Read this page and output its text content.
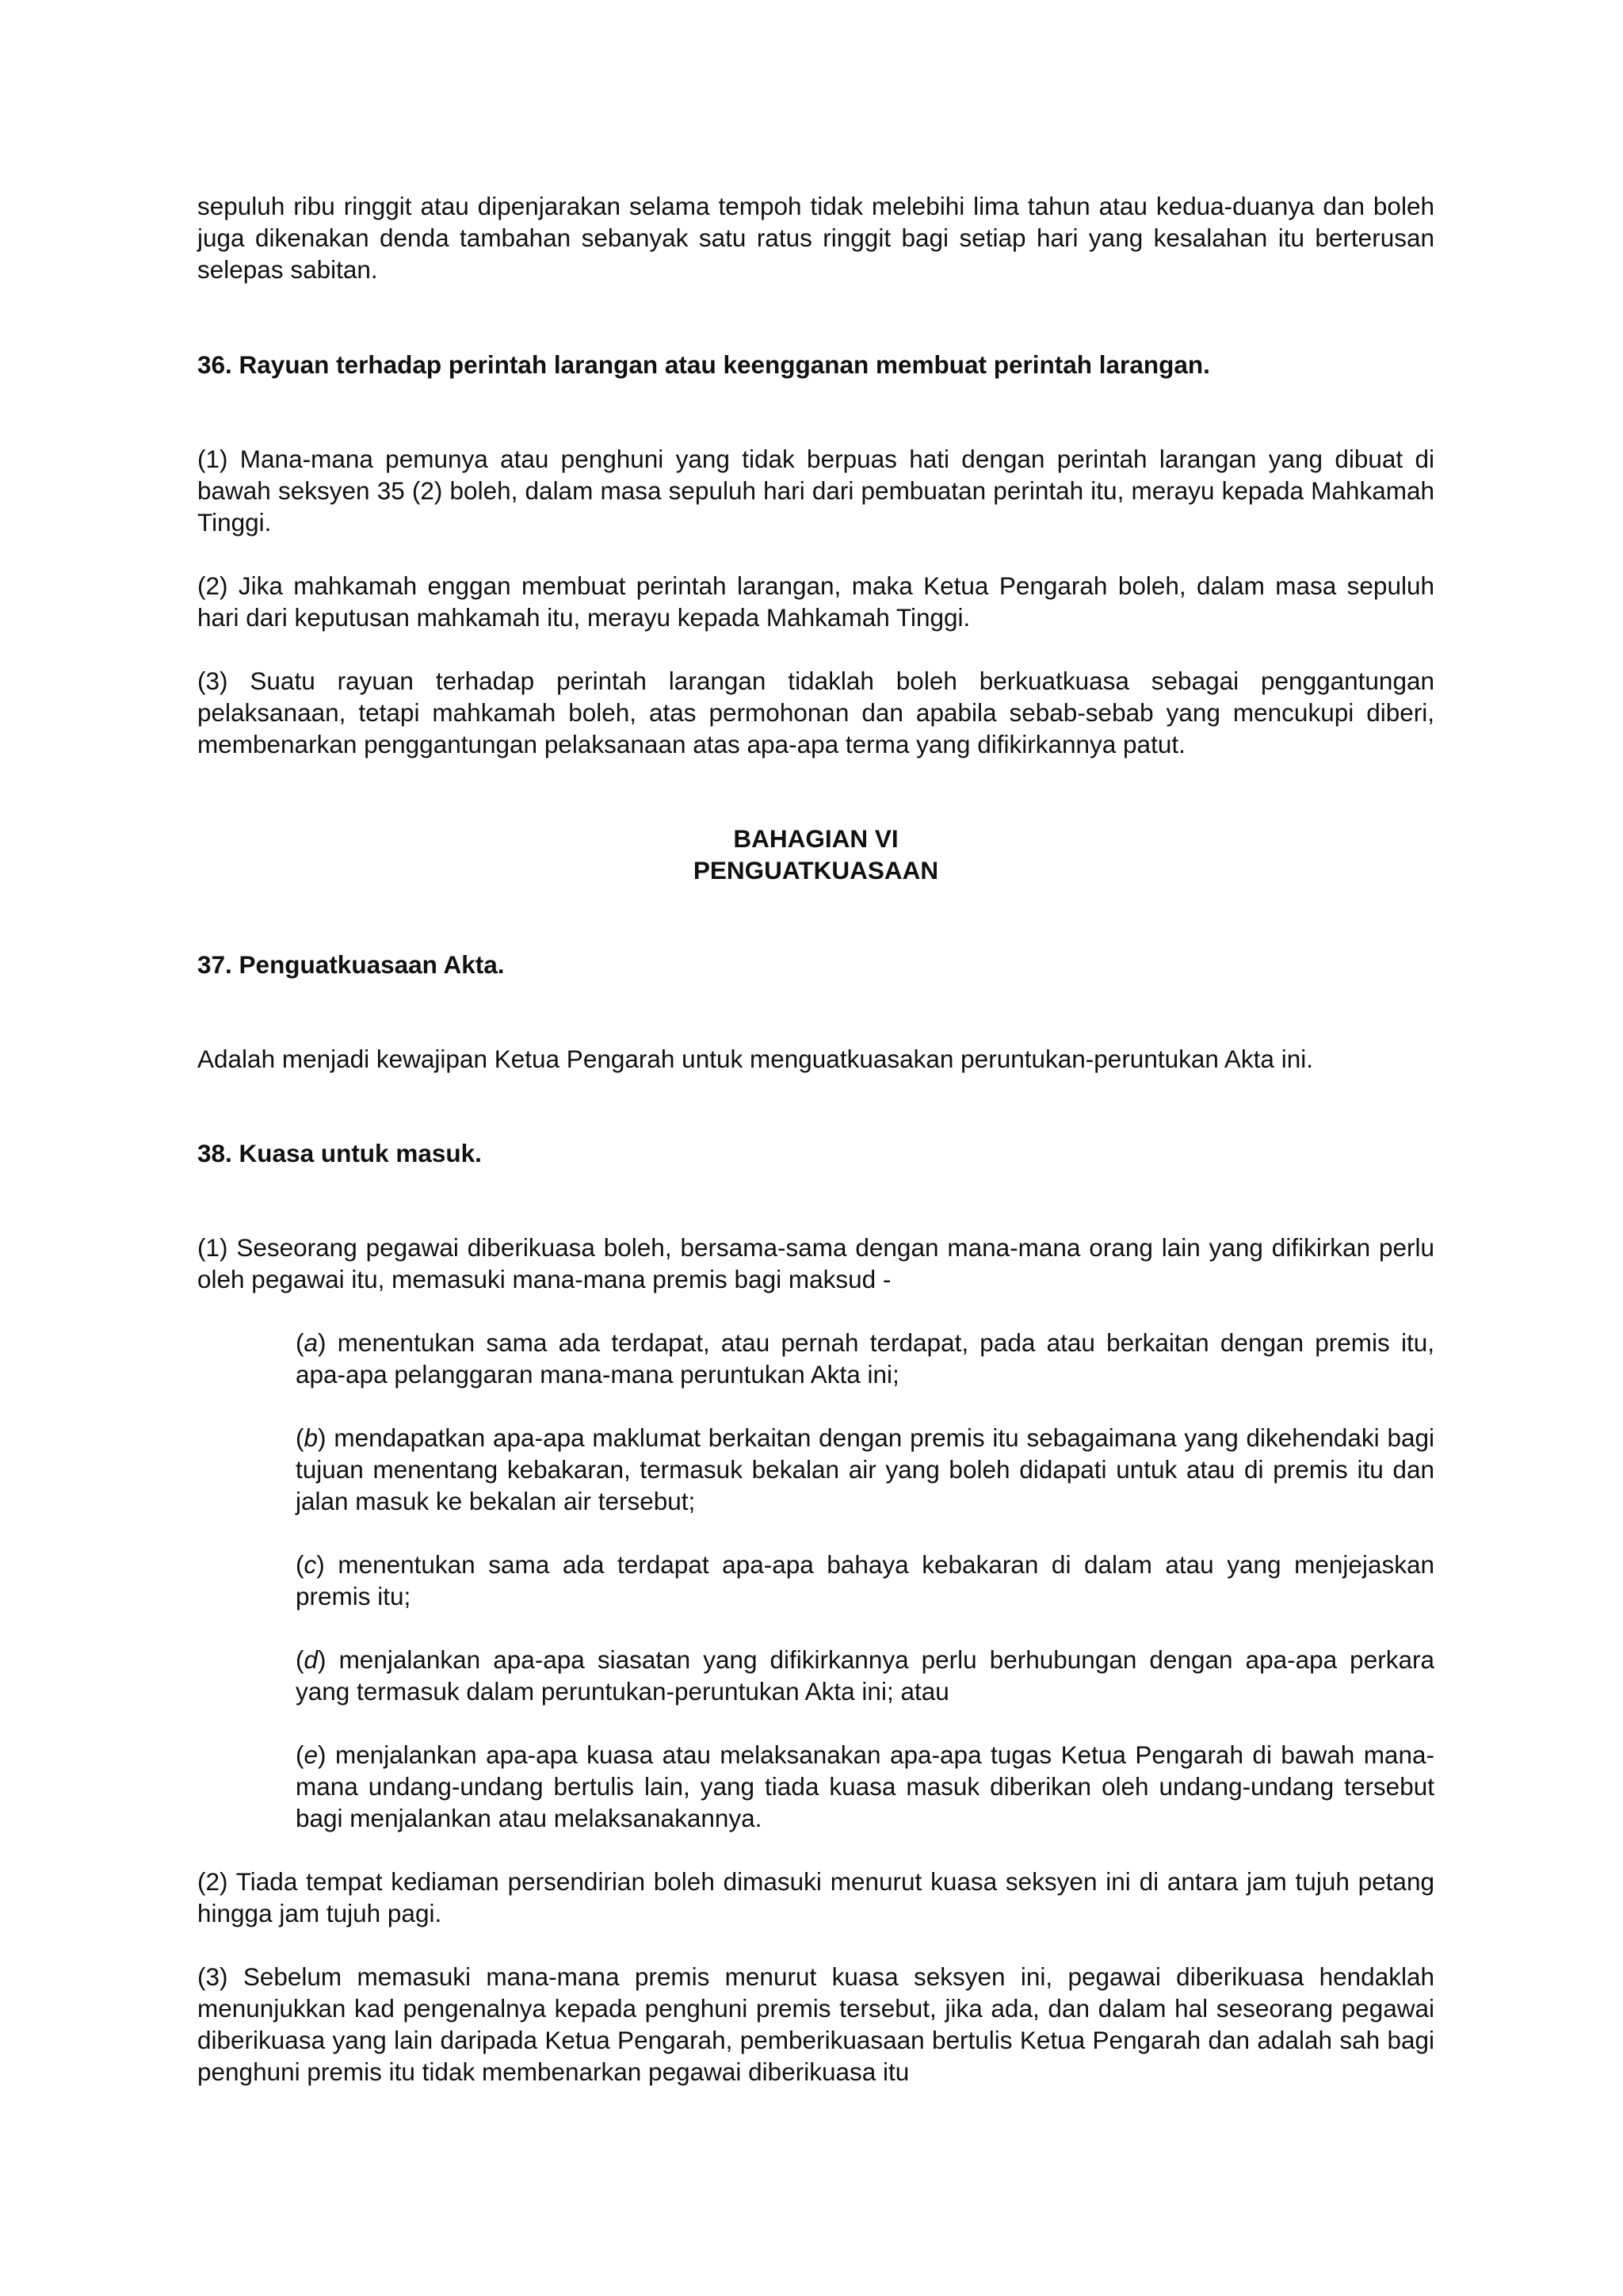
sepuluh ribu ringgit atau dipenjarakan selama tempoh tidak melebihi lima tahun atau kedua-duanya dan boleh juga dikenakan denda tambahan sebanyak satu ratus ringgit bagi setiap hari yang kesalahan itu berterusan selepas sabitan.

36. Rayuan terhadap perintah larangan atau keengganan membuat perintah larangan.

(1) Mana-mana pemunya atau penghuni yang tidak berpuas hati dengan perintah larangan yang dibuat di bawah seksyen 35 (2) boleh, dalam masa sepuluh hari dari pembuatan perintah itu, merayu kepada Mahkamah Tinggi.

(2) Jika mahkamah enggan membuat perintah larangan, maka Ketua Pengarah boleh, dalam masa sepuluh hari dari keputusan mahkamah itu, merayu kepada Mahkamah Tinggi.

(3) Suatu rayuan terhadap perintah larangan tidaklah boleh berkuatkuasa sebagai penggantungan pelaksanaan, tetapi mahkamah boleh, atas permohonan dan apabila sebab-sebab yang mencukupi diberi, membenarkan penggantungan pelaksanaan atas apa-apa terma yang difikirkannya patut.

BAHAGIAN VI
PENGUATKUASAAN
37. Penguatkuasaan Akta.

Adalah menjadi kewajipan Ketua Pengarah untuk menguatkuasakan peruntukan-peruntukan Akta ini.

38. Kuasa untuk masuk.

(1) Seseorang pegawai diberikuasa boleh, bersama-sama dengan mana-mana orang lain yang difikirkan perlu oleh pegawai itu, memasuki mana-mana premis bagi maksud -

(a) menentukan sama ada terdapat, atau pernah terdapat, pada atau berkaitan dengan premis itu, apa-apa pelanggaran mana-mana peruntukan Akta ini;

(b) mendapatkan apa-apa maklumat berkaitan dengan premis itu sebagaimana yang dikehendaki bagi tujuan menentang kebakaran, termasuk bekalan air yang boleh didapati untuk atau di premis itu dan jalan masuk ke bekalan air tersebut;

(c) menentukan sama ada terdapat apa-apa bahaya kebakaran di dalam atau yang menjejaskan premis itu;

(d) menjalankan apa-apa siasatan yang difikirkannya perlu berhubungan dengan apa-apa perkara yang termasuk dalam peruntukan-peruntukan Akta ini; atau

(e) menjalankan apa-apa kuasa atau melaksanakan apa-apa tugas Ketua Pengarah di bawah mana-mana undang-undang bertulis lain, yang tiada kuasa masuk diberikan oleh undang-undang tersebut bagi menjalankan atau melaksanakannya.

(2) Tiada tempat kediaman persendirian boleh dimasuki menurut kuasa seksyen ini di antara jam tujuh petang hingga jam tujuh pagi.

(3) Sebelum memasuki mana-mana premis menurut kuasa seksyen ini, pegawai diberikuasa hendaklah menunjukkan kad pengenalnya kepada penghuni premis tersebut, jika ada, dan dalam hal seseorang pegawai diberikuasa yang lain daripada Ketua Pengarah, pemberikuasaan bertulis Ketua Pengarah dan adalah sah bagi penghuni premis itu tidak membenarkan pegawai diberikuasa itu
